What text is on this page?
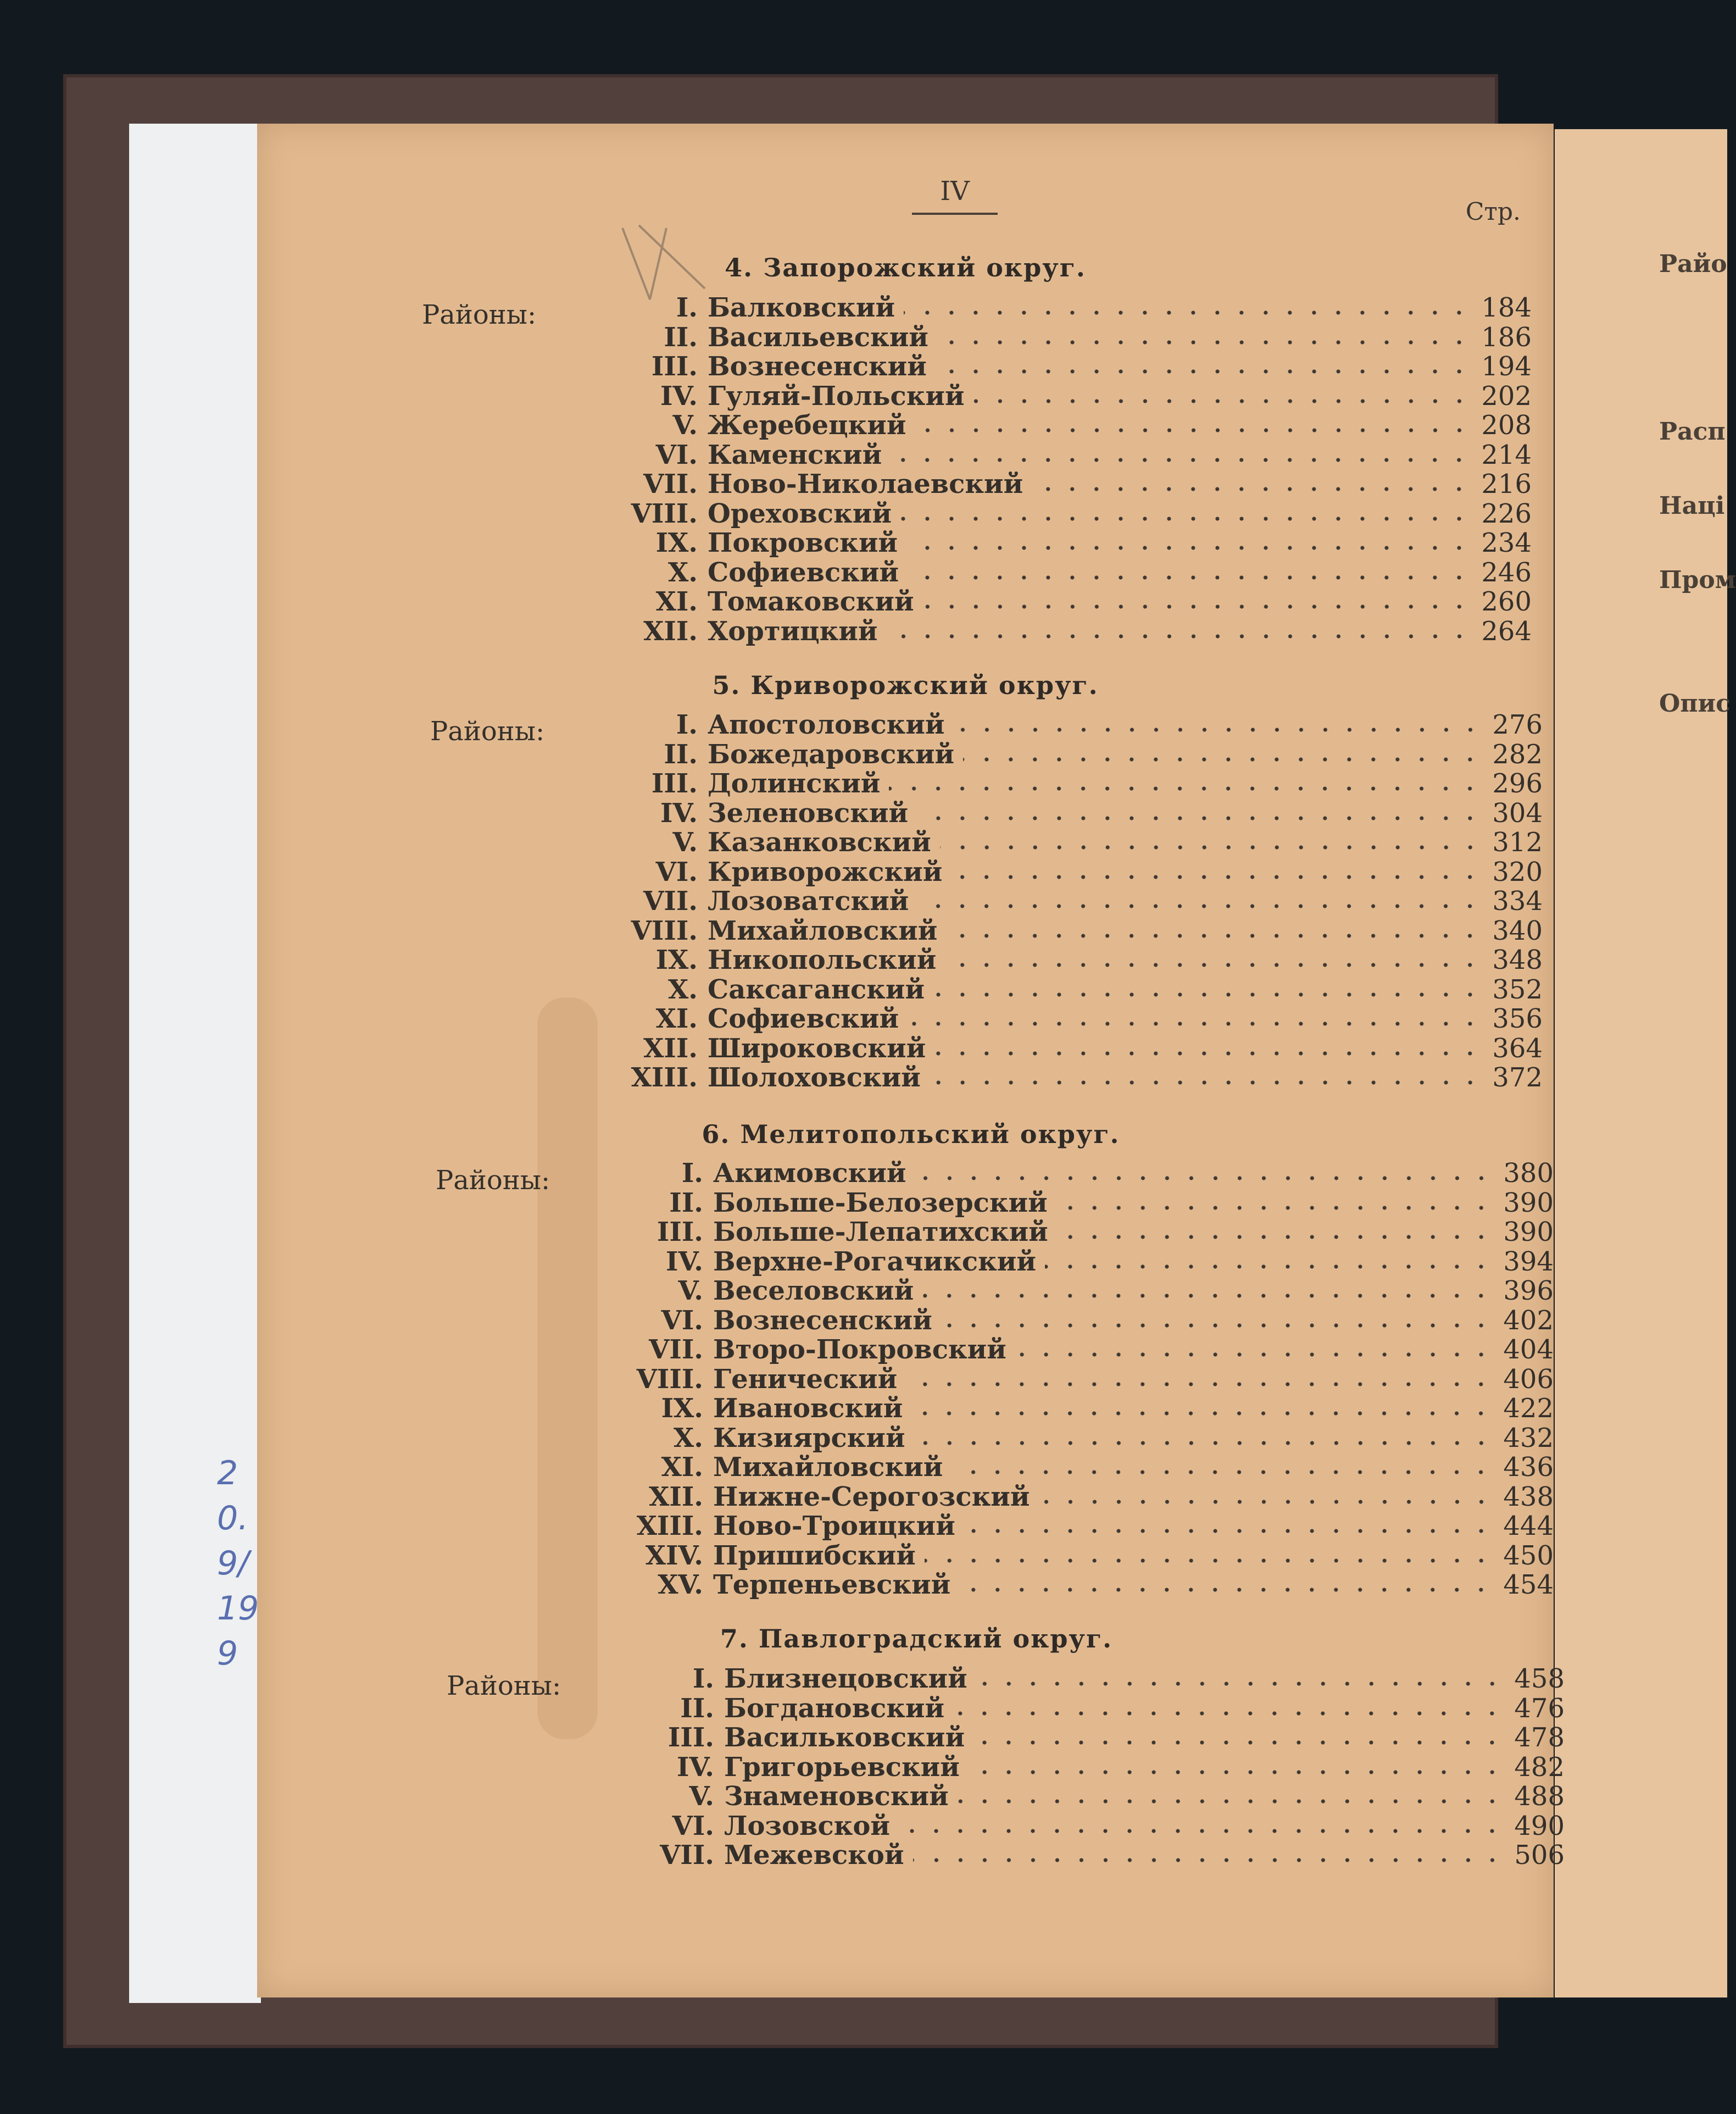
Райо
Расп
Наці
Пром
Опис
IV
Стр.
4. Запорожский округ.
Районы:	I. Балковский	184
II. Васильевский	186
III. Вознесенский	194
IV. Гуляй-Польский	202
V. Жеребецкий	208
VI. Каменский	214
VII. Ново-Николаевский	216
VIII. Ореховский	226
IX. Покровский	234
X. Софиевский	246
XI. Томаковский	260
XII. Хортицкий	264
5. Криворожский округ.
Районы:	I. Апостоловский	276
II. Божедаровский	282
III. Долинский	296
IV. Зеленовский	304
V. Казанковский	312
VI. Криворожский	320
VII. Лозоватский	334
VIII. Михайловский	340
IX. Никопольский	348
X. Саксаганский	352
XI. Софиевский	356
XII. Широковский	364
XIII. Шолоховский	372
6. Мелитопольский округ.
Районы:	I. Акимовский	380
II. Больше-Белозерский	390
III. Больше-Лепатихский	390
IV. Верхне-Рогачикский	394
V. Веселовский	396
VI. Вознесенский	402
VII. Второ-Покровский	404
VIII. Генический	406
IX. Ивановский	422
X. Кизиярский	432
XI. Михайловский	436
XII. Нижне-Серогозский	438
XIII. Ново-Троицкий	444
XIV. Пришибский	450
XV. Терпеньевский	454
7. Павлоградский округ.
Районы:	I. Близнецовский	458
II. Богдановский	476
III. Васильковский	478
IV. Григорьевский	482
V. Знаменовский	488
VI. Лозовской	490
VII. Межевской	506
2
0.
9/
19
9
